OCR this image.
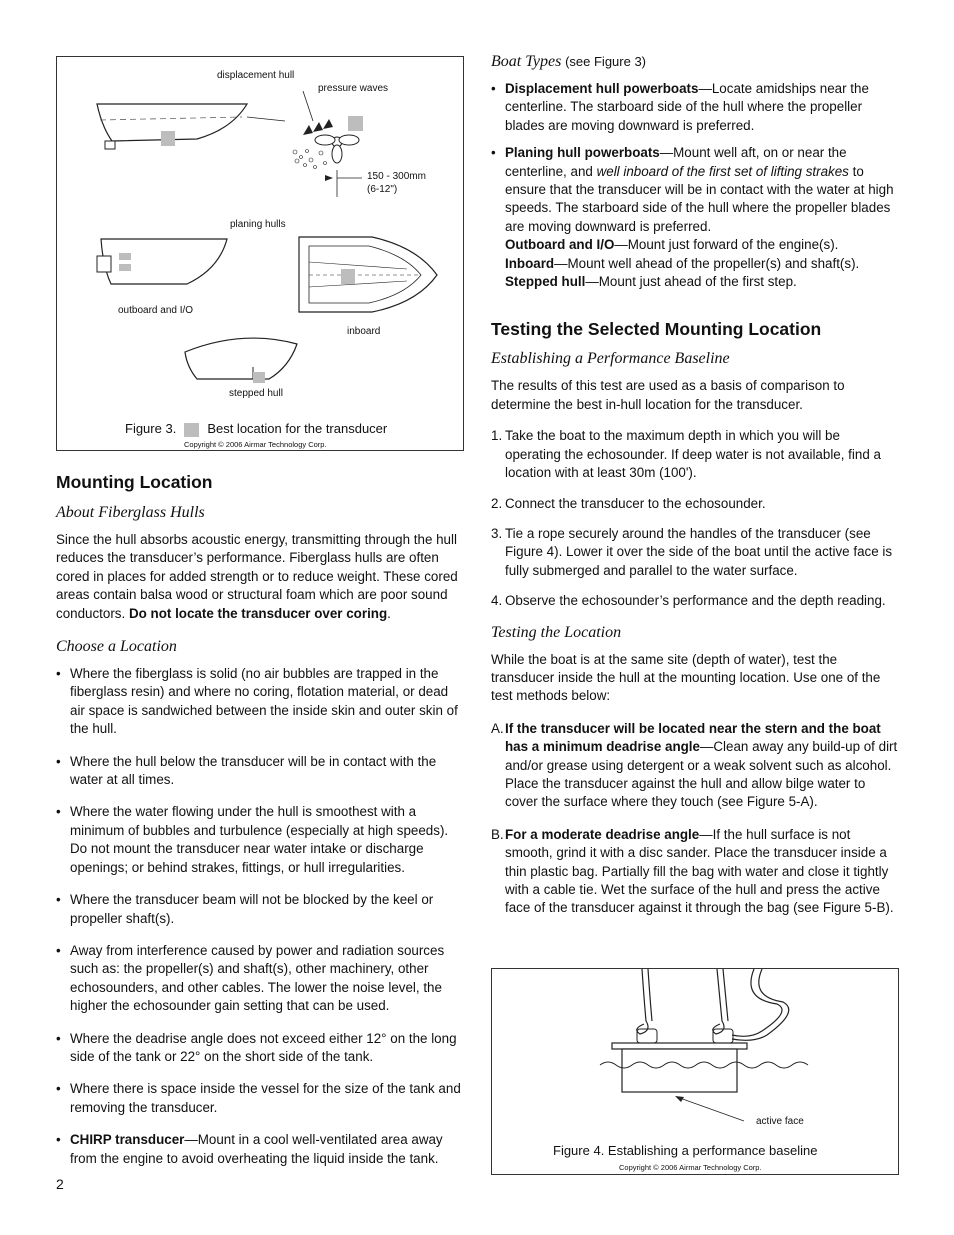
displacement hull
pressure waves
150 - 300mm
(6-12")
planing hulls
outboard and I/O
inboard
stepped hull
Figure 3. Best location for the transducer
Copyright © 2006 Airmar Technology Corp.
Mounting Location
About Fiberglass Hulls

Since the hull absorbs acoustic energy, transmitting through the hull reduces the transducer’s performance. Fiberglass hulls are often cored in places for added strength or to reduce weight. These cored areas contain balsa wood or structural foam which are poor sound conductors. Do not locate the transducer over coring.

Choose a Location
• Where the fiberglass is solid (no air bubbles are trapped in the fiberglass resin) and where no coring, flotation material, or dead air space is sandwiched between the inside skin and outer skin of the hull.
• Where the hull below the transducer will be in contact with the water at all times.
• Where the water flowing under the hull is smoothest with a minimum of bubbles and turbulence (especially at high speeds). Do not mount the transducer near water intake or discharge openings; or behind strakes, fittings, or hull irregularities.
• Where the transducer beam will not be blocked by the keel or propeller shaft(s).
• Away from interference caused by power and radiation sources such as: the propeller(s) and shaft(s), other machinery, other echosounders, and other cables. The lower the noise level, the higher the echosounder gain setting that can be used.
• Where the deadrise angle does not exceed either 12° on the long side of the tank or 22° on the short side of the tank.
• Where there is space inside the vessel for the size of the tank and removing the transducer.
• CHIRP transducer—Mount in a cool well-ventilated area away from the engine to avoid overheating the liquid inside the tank.
2
Boat Types (see Figure 3)
• Displacement hull powerboats—Locate amidships near the centerline. The starboard side of the hull where the propeller blades are moving downward is preferred.
• Planing hull powerboats—Mount well aft, on or near the centerline, and well inboard of the first set of lifting strakes to ensure that the transducer will be in contact with the water at high speeds. The starboard side of the hull where the propeller blades are moving downward is preferred.
Outboard and I/O—Mount just forward of the engine(s).
Inboard—Mount well ahead of the propeller(s) and shaft(s).
Stepped hull—Mount just ahead of the first step.
Testing the Selected Mounting Location
Establishing a Performance Baseline

The results of this test are used as a basis of comparison to determine the best in-hull location for the transducer.

1. Take the boat to the maximum depth in which you will be operating the echosounder. If deep water is not available, find a location with at least 30m (100').
2. Connect the transducer to the echosounder.
3. Tie a rope securely around the handles of the transducer (see Figure 4). Lower it over the side of the boat until the active face is fully submerged and parallel to the water surface.
4. Observe the echosounder’s performance and the depth reading.
Testing the Location

While the boat is at the same site (depth of water), test the transducer inside the hull at the mounting location. Use one of the test methods below:

A. If the transducer will be located near the stern and the boat has a minimum deadrise angle—Clean away any build-up of dirt and/or grease using detergent or a weak solvent such as alcohol. Place the transducer against the hull and allow bilge water to cover the surface where they touch (see Figure 5-A).
B. For a moderate deadrise angle—If the hull surface is not smooth, grind it with a disc sander. Place the transducer inside a thin plastic bag. Partially fill the bag with water and close it tightly with a cable tie. Wet the surface of the hull and press the active face of the transducer against it through the bag (see Figure 5-B).
active face
Figure 4. Establishing a performance baseline
Copyright © 2006 Airmar Technology Corp.
